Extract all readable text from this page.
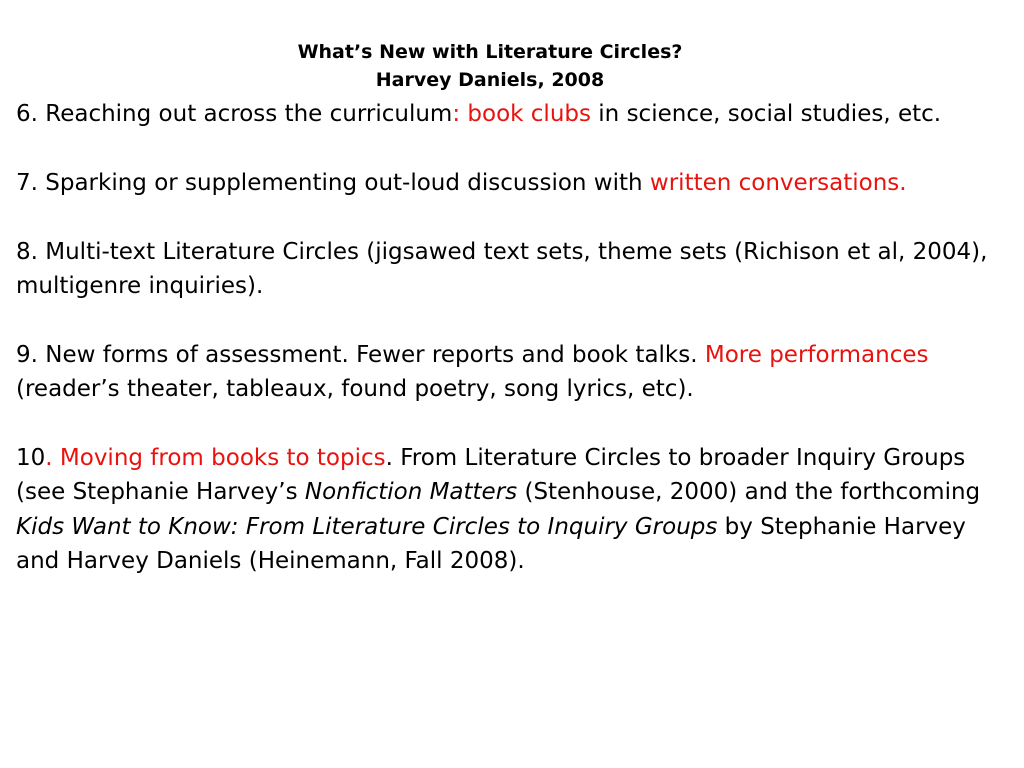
What’s New with Literature Circles?
Harvey Daniels, 2008

6. Reaching out across the curriculum: book clubs in science, social studies, etc.

7. Sparking or supplementing out-loud discussion with written conversations.

8. Multi-text Literature Circles (jigsawed text sets, theme sets (Richison et al, 2004), multigenre inquiries).

9. New forms of assessment. Fewer reports and book talks. More performances (reader’s theater, tableaux, found poetry, song lyrics, etc).

10. Moving from books to topics. From Literature Circles to broader Inquiry Groups (see Stephanie Harvey’s Nonfiction Matters (Stenhouse, 2000) and the forthcoming Kids Want to Know: From Literature Circles to Inquiry Groups by Stephanie Harvey and Harvey Daniels (Heinemann, Fall 2008).
